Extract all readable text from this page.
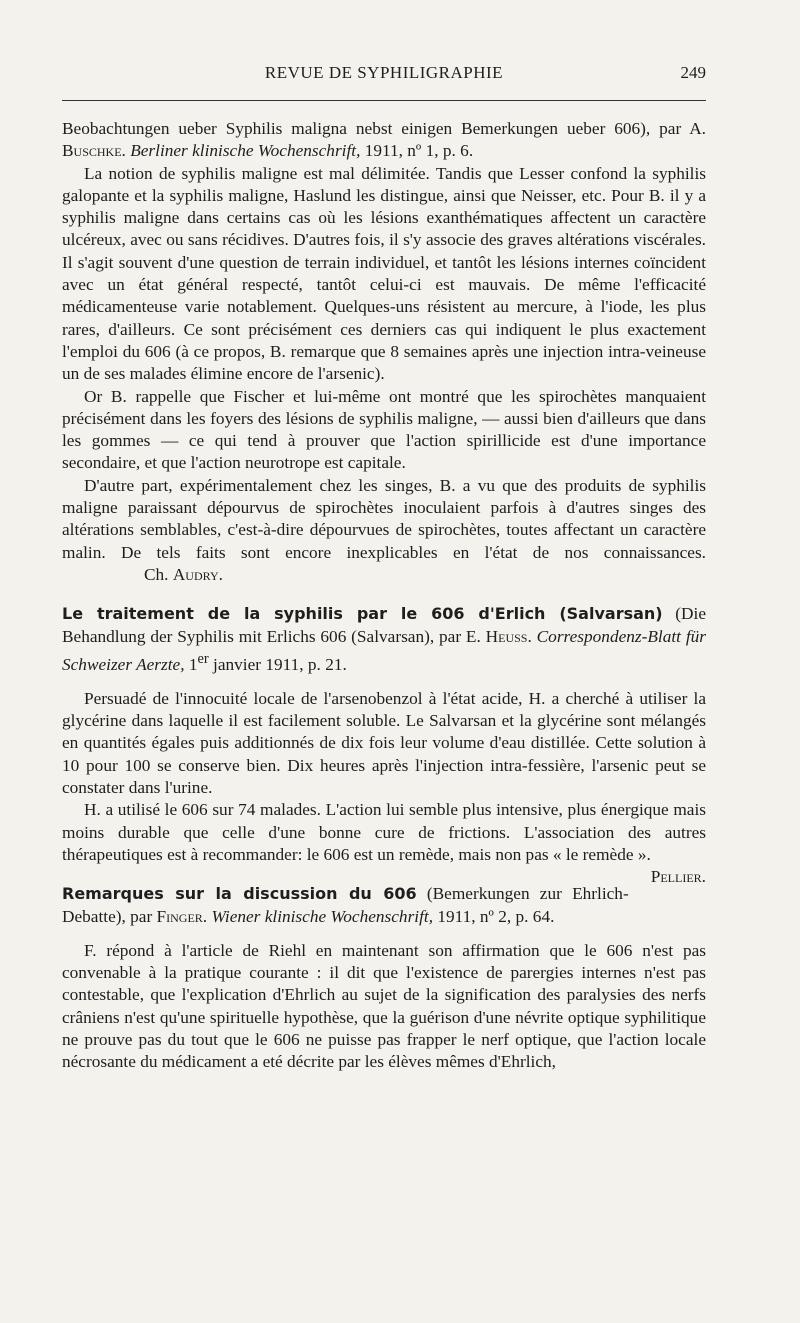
REVUE DE SYPHILIGRAPHIE	249

Beobachtungen ueber Syphilis maligna nebst einigen Bemerkungen ueber 606), par A. Buschke. Berliner klinische Wochenschrift, 1911, nº 1, p. 6.

La notion de syphilis maligne est mal délimitée. Tandis que Lesser confond la syphilis galopante et la syphilis maligne, Haslund les distingue, ainsi que Neisser, etc. Pour B. il y a syphilis maligne dans certains cas où les lésions exanthématiques affectent un caractère ulcéreux, avec ou sans récidives. D'autres fois, il s'y associe des graves altérations viscérales. Il s'agit souvent d'une question de terrain individuel, et tantôt les lésions internes coïncident avec un état général respecté, tantôt celui-ci est mauvais. De même l'efficacité médicamenteuse varie notablement. Quelques-uns résistent au mercure, à l'iode, les plus rares, d'ailleurs. Ce sont précisément ces derniers cas qui indiquent le plus exactement l'emploi du 606 (à ce propos, B. remarque que 8 semaines après une injection intra-veineuse un de ses malades élimine encore de l'arsenic).

Or B. rappelle que Fischer et lui-même ont montré que les spirochètes manquaient précisément dans les foyers des lésions de syphilis maligne, — aussi bien d'ailleurs que dans les gommes — ce qui tend à prouver que l'action spirillicide est d'une importance secondaire, et que l'action neurotrope est capitale.

D'autre part, expérimentalement chez les singes, B. a vu que des produits de syphilis maligne paraissant dépourvus de spirochètes inoculaient parfois à d'autres singes des altérations semblables, c'est-à-dire dépourvues de spirochètes, toutes affectant un caractère malin. De tels faits sont encore inexplicables en l'état de nos connaissances. Ch. Audry.

Le traitement de la syphilis par le 606 d'Erlich (Salvarsan) (Die Behandlung der Syphilis mit Erlichs 606 (Salvarsan), par E. Heuss. Correspondenz-Blatt für Schweizer Aerzte, 1er janvier 1911, p. 21.

Persuadé de l'innocuité locale de l'arsenobenzol à l'état acide, H. a cherché à utiliser la glycérine dans laquelle il est facilement soluble. Le Salvarsan et la glycérine sont mélangés en quantités égales puis additionnés de dix fois leur volume d'eau distillée. Cette solution à 10 pour 100 se conserve bien. Dix heures après l'injection intra-fessière, l'arsenic peut se constater dans l'urine.

H. a utilisé le 606 sur 74 malades. L'action lui semble plus intensive, plus énergique mais moins durable que celle d'une bonne cure de frictions. L'association des autres thérapeutiques est à recommander: le 606 est un remède, mais non pas « le remède ».
Pellier.

Remarques sur la discussion du 606 (Bemerkungen zur Ehrlich-Debatte), par Finger. Wiener klinische Wochenschrift, 1911, nº 2, p. 64.

F. répond à l'article de Riehl en maintenant son affirmation que le 606 n'est pas convenable à la pratique courante : il dit que l'existence de parergies internes n'est pas contestable, que l'explication d'Ehrlich au sujet de la signification des paralysies des nerfs crâniens n'est qu'une spirituelle hypothèse, que la guérison d'une névrite optique syphilitique ne prouve pas du tout que le 606 ne puisse pas frapper le nerf optique, que l'action locale nécrosante du médicament a eté décrite par les élèves mêmes d'Ehrlich,
